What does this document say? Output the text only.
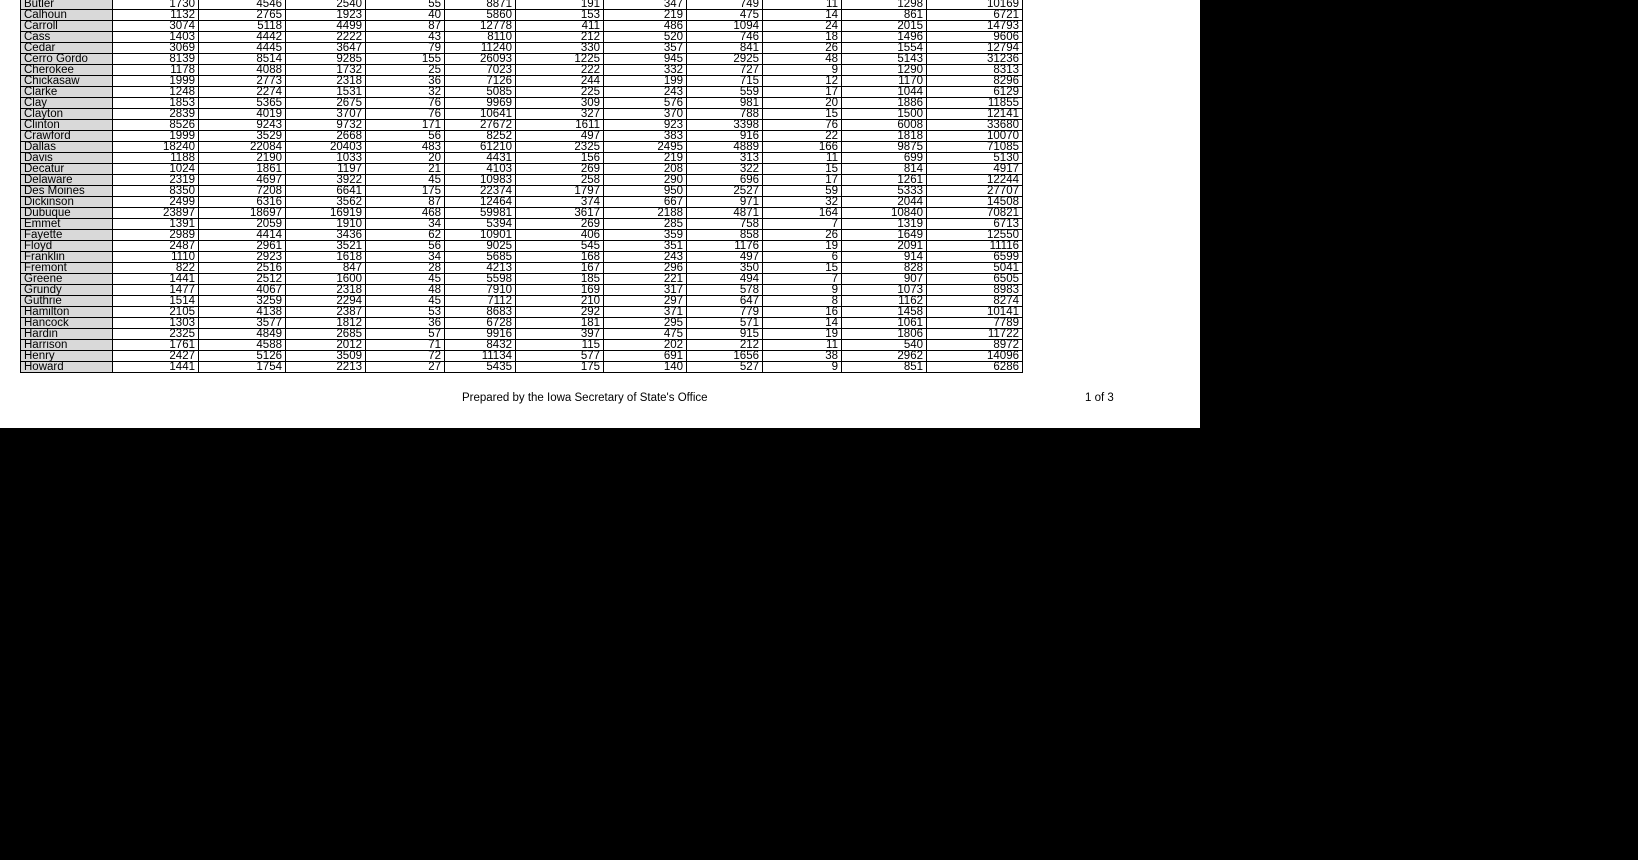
Butler	1730	4546	2540	55	8871	191	347	749	11	1298	10169
Calhoun	1132	2765	1923	40	5860	153	219	475	14	861	6721
Carroll	3074	5118	4499	87	12778	411	486	1094	24	2015	14793
Cass	1403	4442	2222	43	8110	212	520	746	18	1496	9606
Cedar	3069	4445	3647	79	11240	330	357	841	26	1554	12794
Cerro Gordo	8139	8514	9285	155	26093	1225	945	2925	48	5143	31236
Cherokee	1178	4088	1732	25	7023	222	332	727	9	1290	8313
Chickasaw	1999	2773	2318	36	7126	244	199	715	12	1170	8296
Clarke	1248	2274	1531	32	5085	225	243	559	17	1044	6129
Clay	1853	5365	2675	76	9969	309	576	981	20	1886	11855
Clayton	2839	4019	3707	76	10641	327	370	788	15	1500	12141
Clinton	8526	9243	9732	171	27672	1611	923	3398	76	6008	33680
Crawford	1999	3529	2668	56	8252	497	383	916	22	1818	10070
Dallas	18240	22084	20403	483	61210	2325	2495	4889	166	9875	71085
Davis	1188	2190	1033	20	4431	156	219	313	11	699	5130
Decatur	1024	1861	1197	21	4103	269	208	322	15	814	4917
Delaware	2319	4697	3922	45	10983	258	290	696	17	1261	12244
Des Moines	8350	7208	6641	175	22374	1797	950	2527	59	5333	27707
Dickinson	2499	6316	3562	87	12464	374	667	971	32	2044	14508
Dubuque	23897	18697	16919	468	59981	3617	2188	4871	164	10840	70821
Emmet	1391	2059	1910	34	5394	269	285	758	7	1319	6713
Fayette	2989	4414	3436	62	10901	406	359	858	26	1649	12550
Floyd	2487	2961	3521	56	9025	545	351	1176	19	2091	11116
Franklin	1110	2923	1618	34	5685	168	243	497	6	914	6599
Fremont	822	2516	847	28	4213	167	296	350	15	828	5041
Greene	1441	2512	1600	45	5598	185	221	494	7	907	6505
Grundy	1477	4067	2318	48	7910	169	317	578	9	1073	8983
Guthrie	1514	3259	2294	45	7112	210	297	647	8	1162	8274
Hamilton	2105	4138	2387	53	8683	292	371	779	16	1458	10141
Hancock	1303	3577	1812	36	6728	181	295	571	14	1061	7789
Hardin	2325	4849	2685	57	9916	397	475	915	19	1806	11722
Harrison	1761	4588	2012	71	8432	115	202	212	11	540	8972
Henry	2427	5126	3509	72	11134	577	691	1656	38	2962	14096
Howard	1441	1754	2213	27	5435	175	140	527	9	851	6286
Prepared by the Iowa Secretary of State's Office	1 of 3
